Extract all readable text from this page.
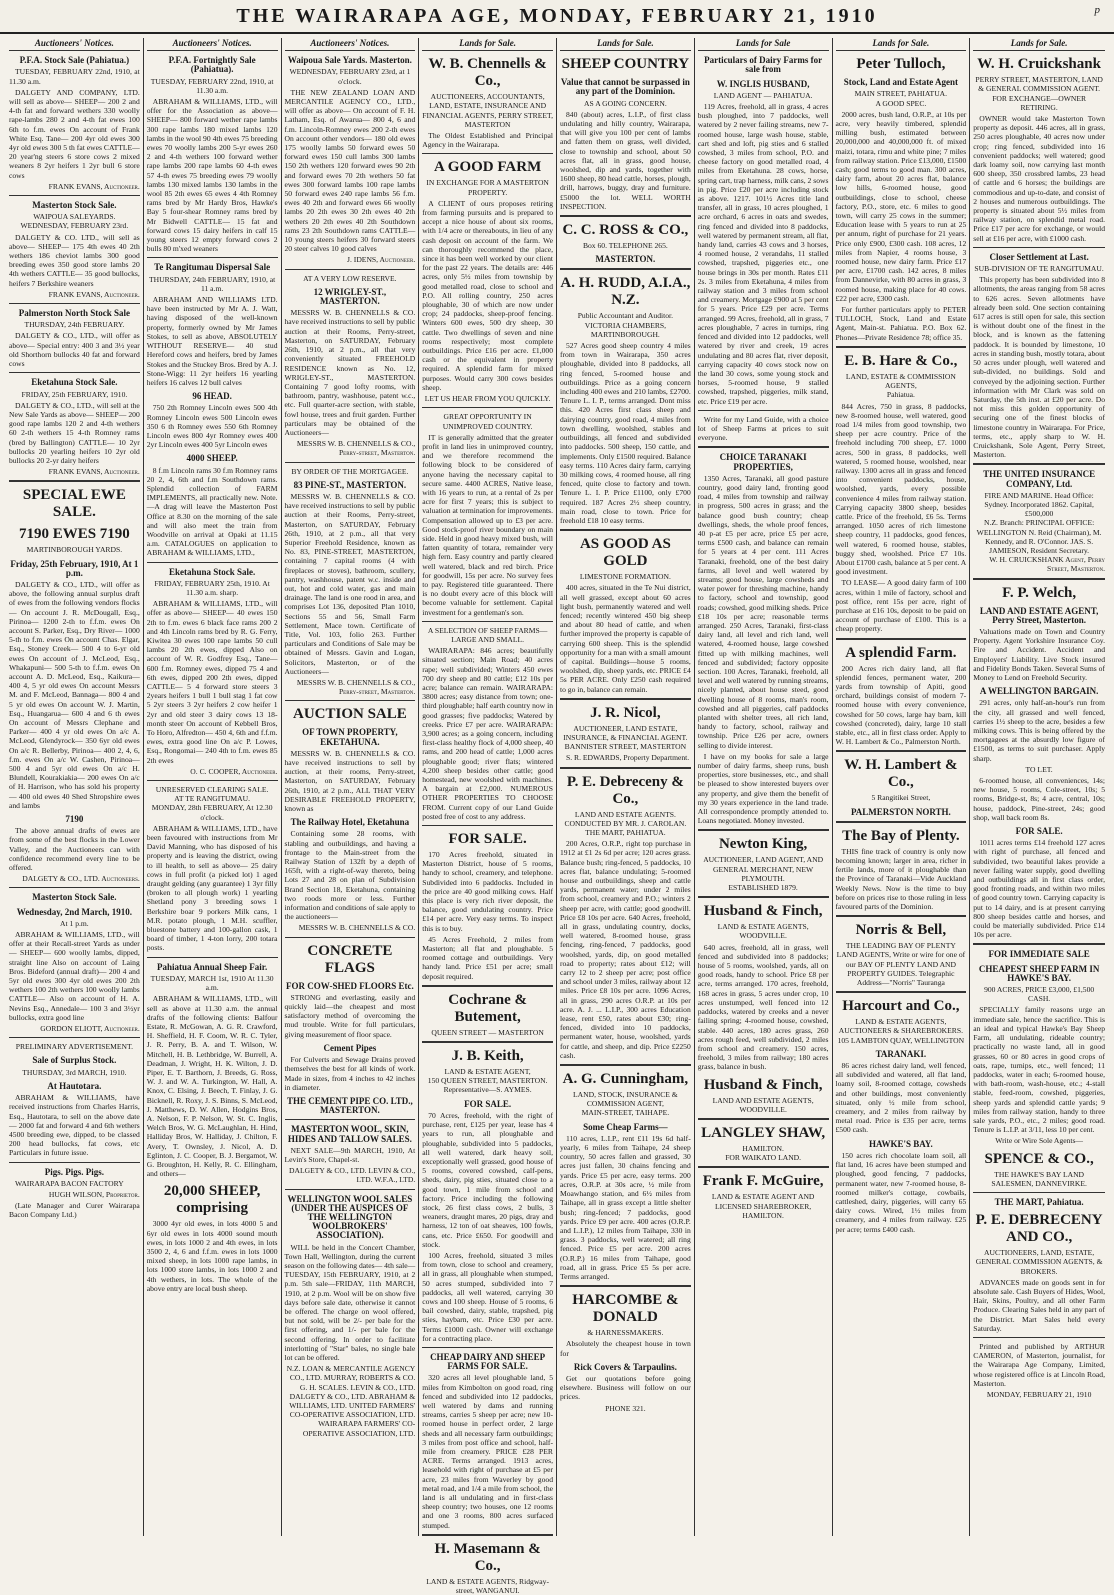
THE WAIRARAPA AGE, MONDAY, FEBRUARY 21, 1910	p
Auctioneers' Notices.
P.F.A. Stock Sale (Pahiatua.)
TUESDAY, FEBRUARY 22nd, 1910, at 11.30 a.m.
DALGETY AND COMPANY, LTD. will sell as above— SHEEP— 200 2 and 4-th fat and forward wethers 330 woolly rape-lambs 280 2 and 4-th fat ewes 100 6th to f.m. ewes On account of Frank White Esq. Tane— 200 4yr old ewes 300 4yr old ewes 300 5 th fat ewes CATTLE— 20 year'ng steers 6 store cows 2 mixed weaners 8 2yr heifers 1 2yr bull 6 store cows
FRANK EVANS, Auctioneer.
Masterton Stock Sale.
WAIPOUA SALEYARDS.
WEDNESDAY, FEBRUARY 23rd.
DALGETY & CO. LTD., will sell as above— SHEEP— 175 4th ewes 40 2th wethers 186 cheviot lambs 300 good breeding ewes 350 good store lambs 20 4th wethers CATTLE— 35 good bullocks, heifers 7 Berkshire weaners
FRANK EVANS, Auctioneer.
Palmerston North Stock Sale
THURSDAY, 24th FEBRUARY.
DALGETY & CO., LTD., will offer as above— Special entry: 400 3 and 3½ year old Shorthorn bullocks 40 fat and forward cows
Eketahuna Stock Sale.
FRIDAY, 25th FEBRUARY, 1910.
DALGETY & CO., LTD., will sell at the New Sale Yards as above— SHEEP— 200 good rape lambs 120 2 and 4-th wethers 60 2-th wethers 15 4-th Romney rams (bred by Ballington) CATTLE— 10 2yr bullocks 20 yearling heifers 10 2yr old bullocks 20 2-yr dairy heifers
FRANK EVANS, Auctioneer.
SPECIAL EWE SALE.
7190 EWES 7190
MARTINBOROUGH YARDS.
Friday, 25th February, 1910, At 1 p.m.
DALGETY & CO., LTD., will offer as above, the following annual surplus draft of ewes from the following vendors flocks— On account J. R. McDougall, Esq., Pirinoa— 1200 2-th to f.f.m. ewes On account S. Parker, Esq., Dry River— 1000 5-th to f.m. ewes On account Chas. Elgar, Esq., Stoney Creek— 500 4 to 6-yr old ewes On account of J. McLeod, Esq., Whakapuni— 500 5-th to f.f.m. ewes On account A. D. McLeod, Esq., Kaikura— 400 4, 5 yr old ewes On account Messrs M. and F. McLeod, Bannaga— 800 4 and 5 yr old ewes On account W. J. Martin, Esq., Huangarua— 600 4 and 6 th ewes On account of Messrs Clephane and Parker— 400 4 yr old ewes On a/c A. McLeod, Glendyrock— 350 6yr old ewes On a/c R. Bellerby, Pirinoa— 400 2, 4, 6, f.m. ewes On a/c W. Cashen, Pirinoa— 500 4 and 5yr old ewes On a/c H. Blundell, Kourakiakia— 200 ewes On a/c of H. Harrison, who has sold his property— 400 old ewes 40 Shed Shropshire ewes and lambs
7190
The above annual drafts of ewes are from some of the best flocks in the Lower Valley, and the Auctioneers can with confidence recommend every line to be offered.
DALGETY & CO., LTD. Auctioneers.
Masterton Stock Sale.
Wednesday, 2nd March, 1910.
At 1 p.m.
ABRAHAM & WILLIAMS, LTD., will offer at their Recall-street Yards as under— SHEEP— 600 woolly lambs, dipped, straight line Also on account of Laing Bros. Bideford (annual draft)— 200 4 and 5yr old ewes 300 4yr old ewes 200 2th wethers 100 2th wethers 100 woolly lambs CATTLE— Also on account of H. A. Nevins Esq., Annedale— 100 3 and 3½yr bullocks, extra good line
GORDON ELIOTT, Auctioneer.
PRELIMINARY ADVERTISEMENT.
Sale of Surplus Stock.
THURSDAY, 3rd MARCH, 1910.
At Hautotara.
ABRAHAM & WILLIAMS, have received instructions from Charles Harris, Esq., Hautotara, to sell on the above date— 2000 fat and forward 4 and 6th wethers 4500 breeding ewe, dipped, to be classed 200 head bullocks, fat cows, etc Particulars in future issue.
Pigs. Pigs. Pigs.
WAIRARAPA BACON FACTORY
HUGH WILSON, Proprietor.
(Late Manager and Curer Wairarapa Bacon Company Ltd.)
Auctioneers' Notices.
P.F.A. Fortnightly Sale (Pahiatua).
TUESDAY, FEBRUARY 22nd, 1910, at 11.30 a.m.
ABRAHAM & WILLIAMS, LTD., will offer for the Association as above— SHEEP— 800 forward wether rape lambs 300 rape lambs 180 mixed lambs 120 lambs in the wool 90 4th ewes 75 breeding ewes 70 woolly lambs 200 5-yr ewes 260 2 and 4-th wethers 100 forward wether rape lambs 200 rape lambs 60 4-th ewes 57 4-th ewes 75 breeding ewes 79 woolly lambs 130 mixed lambs 130 lambs in the wool 85 2th ewes 65 ewes 4 4th Romney rams bred by Mr Hardy Bros, Hawke's Bay 5 four-shear Romney rams bred by Mr Bidwell CATTLE— 15 fat and forward cows 15 dairy heifers in calf 15 young steers 12 empty forward cows 2 bulls 80 m'xed weaners
Te Rangitumau Dispersal Sale
THURSDAY, 24th FEBRUARY, 1910, at 11 a.m.
ABRAHAM AND WILLIAMS LTD. have been instructed by Mr A. J. Watt, having disposed of the well-known property, formerly owned by Mr James Stokes, to sell as above, ABSOLUTELY WITHOUT RESERVE— 40 stud Hereford cows and heifers, bred by James Stokes and the Stuckey Bros. Bred by A. J. Stone-Wigg: 11 2yr heifers 16 yearling heifers 16 calves 12 bull calves
96 HEAD.
750 2th Romney Lincoln ewes 500 4th Romney Lincoln ewes 500 Lincoln ewes 350 6 th Romney ewes 550 6th Romney Lincoln ewes 800 4yr Romney ewes 400 2yr Lincoln ewes 400 5yr Lincoln ewes
4000 SHEEP.
8 f.m Lincoln rams 30 f.m Romney rams 20 2, 4, 6th and f.m Southdown rams. Splendid collection of FARM IMPLEMENTS, all practically new. Note.—A drag will leave the Masterton Post Office at 8.30 on the morning of the sale and will also meet the train from Woodville on arrival at Opaki at 11.15 a.m. CATALOGUES on application to ABRAHAM & WILLIAMS, LTD.,
Eketahuna Stock Sale.
FRIDAY, FEBRUARY 25th, 1910. At 11.30 a.m. sharp.
ABRAHAM & WILLIAMS, LTD., will offer as above— SHEEP— 40 ewes 150 2th to f.m. ewes 6 black face rams 200 2 and 4th Lincoln rams bred by R. G. Ferry, Kiwitea 30 ewes 100 rape lambs 50 cull lambs 20 2th ewes, dipped Also on account of W. R. Godfrey Esq., Tane— 600 f.m. Romney ewes, dipped 75 4 and 6th ewes, dipped 200 2th ewes, dipped CATTLE— 5 4 forward store steers 3 2years heifers 1 bull 1 bull stag 1 fat cow 5 2yr steers 3 2yr heifers 2 cow heifer 1 2yr and old steer 3 dairy cows 13 18-month steer On account of Kebbell Bros, To Horo, Alfredton— 450 4, 6th and f.f.m. ewes, extra good line On a/c P. Lowes, Esq., Rongomai— 240 4th to f.m. ewes 85 2th ewes
O. C. COOPER, Auctioneer.
UNRESERVED CLEARING SALE.
AT TE RANGITUMAU.
MONDAY, 28th FEBRUARY, At 12.30 o'clock.
ABRAHAM & WILLIAMS, LTD., have been favoured with instructions from Mr David Manning, who has disposed of his property and is leaving the district, owing to ill health, to sell as above— 25 dairy cows in full profit (a picked lot) 1 aged draught gelding (any guarantee) 1 3yr filly (broken to all plough work) 1 yearling Shetland pony 3 breeding sows 1 Berkshire boar 9 porkers Milk cans, 1 M.R. potato plough, 1 M.H. scuffler, bluestone battery and 100-gallon cask, 1 board of timber, 1 4-ton lorry, 200 totara posts.
Pahiatua Annual Sheep Fair.
TUESDAY, MARCH 1st, 1910 At 11.30 a.m.
ABRAHAM & WILLIAMS, LTD., will sell as above at 11.30 a.m. the annual drafts of the following clients: Balfour Estate, R. McGowan, A. G. R. Crawford, H. Sheffield, H. F. Coom, W. R. C. Tyler, J. R. Perry, B. A. and T. Wilson, W. Mitchell, H. B. Lethbridge, W. Burrell, A. Deadman, J. Wright, H. K. Wilton, J. D. Piper, E. T. Barthorn, J. Breeds, G. Ross, W. J. and W. A. Turkington, W. Hall, A. Knox, C. Elsing, J. Beech, T. Finlay, J. G. Bicknell, R. Roxy, J. S. Binns, S. McLeod, J. Matthews, D. W. Allen, Hodgins Bros, A. Nelson, F. P. Nelson, W. St. C. Inglis, Welch Bros, W. G. McLaughlan, H. Hind, Halliday Bros, W. Halliday, J. Chilton, F. Avery, T. Ownsley, J. Nicol, A. D. Eglinton, J. C. Cooper, B. J. Bergamot, W. G. Broughton, H. Kelly, R. C. Ellingham, and others—
20,000 SHEEP, comprising
3000 4yr old ewes, in lots 4000 5 and 6yr old ewes in lots 4000 sound mouth ewes, in lots 1000 2 and 4th ewes, in lots 3500 2, 4, 6 and f.f.m. ewes in lots 1000 mixed sheep, in lots 1000 rape lambs, in lots 1000 store lambs, in lots 1000 2 and 4th wethers, in lots. The whole of the above entry are local bush sheep.
Auctioneers' Notices.
Waipoua Sale Yards. Masterton.
WEDNESDAY, FEBRUARY 23rd, at 1 o'clock.
THE NEW ZEALAND LOAN AND MERCANTILE AGENCY CO., LTD., will offer as above— On account of F. H. Latham, Esq. of Awarua— 800 4, 6 and f.m. Lincoln-Romney ewes 200 2-th ewes On account other vendors— 180 old ewes 175 woolly lambs 50 forward ewes 50 forward ewes 150 cull lambs 300 lambs 150 2th wethers 120 forward ewes 90 2th and forward ewes 70 2th wethers 50 fat ewes 300 forward lambs 100 rape lambs 50 forward ewes 240 rape lambs 56 f.m. ewes 40 2th and forward ewes 66 woolly lambs 20 2th ewes 30 2th ewes 40 2th wethers 20 2th ewes 40 2th Southdown rams 23 2th Southdown rams CATTLE— 10 young steers heifers 30 forward steers 20 steer calves 10 good calves
J. IDENS, Auctioneer.
AT A VERY LOW RESERVE.
12 WRIGLEY-ST., MASTERTON.
MESSRS W. B. CHENNELLS & CO. have received instructions to sell by public auction at their Rooms, Perry-street, Masterton, on SATURDAY, February 26th, 1910, at 2 p.m., all that very conveniently situated FREEHOLD RESIDENCE known as No. 12, WRIGLEY-ST., MASTERTON. Containing 7 good lofty rooms, with bathroom, pantry, washhouse, patent w.c., etc. Full quarter-acre section, with stable, fowl house, trees and fruit garden. Further particulars may be obtained of the Auctioneers—
MESSRS W. B. CHENNELLS & CO., Perry-street, Masterton.
BY ORDER OF THE MORTGAGEE.
83 PINE-ST., MASTERTON.
MESSRS W. B. CHENNELLS & CO. have received instructions to sell by public auction at their Rooms, Perry-street, Masterton, on SATURDAY, February 26th, 1910, at 2 p.m., all that very Superior Freehold Residence, known as No. 83, PINE-STREET, MASTERTON, containing 7 capital rooms (4 with fireplaces or stoves), bathroom, scullery, pantry, washhouse, patent w.c. inside and out, hot and cold water, gas and main drainage. The land is one rood in area, and comprises Lot 136, deposited Plan 1010, Sections 55 and 56, Small Farm Settlement, Mace town. Certificate of Title, Vol. 103, folio 263. Further particulars and Conditions of Sale may be obtained of Messrs. Gavin and Logan, Solicitors, Masterton, or of the Auctioneers—
MESSRS W. B. CHENNELLS & CO., Perry-street, Masterton.
AUCTION SALE
OF TOWN PROPERTY, EKETAHUNA.
MESSRS W. B. CHENNELLS & CO. have received instructions to sell by auction, at their rooms, Perry-street, Masterton, on SATURDAY, February 26th, 1910, at 2 p.m., ALL THAT VERY DESIRABLE FREEHOLD PROPERTY, known as
The Railway Hotel, Eketahuna
Containing some 28 rooms, with stabling and outbuildings, and having a frontage to the Main-street from the Railway Station of 132ft by a depth of 165ft, with a right-of-way thereto, being Lots 27 and 28 on plan of Subdivision Brand Section 18, Eketahuna, containing two roods more or less. Further information and conditions of sale apply to the auctioneers—
MESSRS W. B. CHENNELLS & CO.
CONCRETE FLAGS
FOR COW-SHED FLOORS Etc.
STRONG and everlasting, easily and quickly laid—the cheapest and most satisfactory method of overcoming the mud trouble. Write for full particulars, giving measurement of floor space.
Cement Pipes
For Culverts and Sewage Drains proved themselves the best for all kinds of work. Made in sizes, from 4 inches to 42 inches in diameter.
THE CEMENT PIPE CO. LTD., MASTERTON.
MASTERTON WOOL, SKIN, HIDES AND TALLOW SALES.
NEXT SALE—9th MARCH, 1910, At Levin's Store, Chapel-st.
DALGETY & CO., LTD. LEVIN & CO., LTD. W.F.A., LTD.
WELLINGTON WOOL SALES (UNDER THE AUSPICES OF THE WELLINGTON WOOLBROKERS' ASSOCIATION).
WILL be held in the Concert Chamber, Town Hall, Wellington, during the current season on the following dates— 4th sale—TUESDAY, 15th FEBRUARY, 1910, at 2 p.m. 5th sale—FRIDAY, 11th MARCH, 1910, at 2 p.m. Wool will be on show five days before sale date, otherwise it cannot be offered. The charge on wool offered, but not sold, will be 2/- per bale for the first offering, and 1/- per bale for the second offering. In order to facilitate interlotting of "Star" bales, no single bale lot can be offered.
N.Z. LOAN & MERCANTILE AGENCY CO., LTD. MURRAY, ROBERTS & CO. G. H. SCALES. LEVIN & CO., LTD. DALGETY & CO., LTD. ABRAHAM & WILLIAMS, LTD. UNITED FARMERS' CO-OPERATIVE ASSOCIATION, LTD. WAIRARAPA FARMERS' CO-OPERATIVE ASSOCIATION, LTD.
Lands for Sale.
W. B. Chennells & Co.,
AUCTIONEERS, ACCOUNTANTS, LAND, ESTATE, INSURANCE AND FINANCIAL AGENTS, PERRY STREET, MASTERTON
The Oldest Established and Principal Agency in the Wairarapa.
A GOOD FARM
IN EXCHANGE FOR A MASTERTON PROPERTY.
A CLIENT of ours proposes retiring from farming pursuits and is prepared to accept a nice house of about six rooms, with 1/4 acre or thereabouts, in lieu of any cash deposit on account of the farm. We can thoroughly recommend the place, since it has been well worked by our client for the past 22 years. The details are: 446 acres, only 5½ miles from township by good metalled road, close to school and P.O. All rolling country, 250 acres ploughable, 30 of which are now under crop; 24 paddocks, sheep-proof fencing. Winters 600 ewes, 500 dry sheep, 30 cattle. Two dwellings of seven and nine rooms respectively; most complete outbuildings. Price £16 per acre. £1,000 cash or the equivalent in property required. A splendid farm for mixed purposes. Would carry 300 cows besides sheep.
LET US HEAR FROM YOU QUICKLY.
GREAT OPPORTUNITY IN UNIMPROVED COUNTRY.
IT is generally admitted that the greater profit in land lies in unimproved country, and we therefore recommend the following block to be considered of anyone having the necessary capital to secure same. 4400 ACRES, Native lease, with 16 years to run, at a rental of 2s per acre for first 7 years; this is subject to valuation at termination for improvements. Compensation allowed up to £3 per acre. Good stock-proof river boundary on main side. Held in good heavy mixed bush, will fatten quantity of totara, remainder very high fern. Easy country and partly cleared well watered, black and red birch. Price for goodwill, 15s per acre. No survey fees to pay. Registered title guaranteed. There is no doubt every acre of this block will become valuable for settlement. Capital investment for a gentleman's son.
A SELECTION OF SHEEP FARMS— LARGE AND SMALL.
WAIRARAPA: 846 acres; beautifully situated section; Main Road; 40 acres rape; well subdivided; Winters 450 ewes 700 dry sheep and 80 cattle; £12 10s per acre; balance can remain. WAIRARAPA: 3800 acres; easy distance from town; one-third ploughable; half earth country now in good grasses; five paddocks; Watered by creeks. Price £7 per acre. WAIRARAPA: 3,900 acres; as a going concern, including first-class healthy flock of 4,000 sheep, 40 rams, and 200 head of cattle; 1,000 acres ploughable good; river flats; wintered 4,200 sheep besides other cattle; good homestead, new woolshed with machines. A bargain at £2,000. NUMEROUS OTHER PROPERTIES TO CHOOSE FROM. Current copy of our Land Guide posted free of cost to any address.
FOR SALE.
170 Acres freehold, situated in Masterton District, house of 5 rooms, handy to school, creamery, and telephone. Subdivided into 6 paddocks. Included in the price are 40 good milking cows. Half this place is very rich river deposit, the balance, good undulating country. Price £14 per acre. Very easy terms. To inspect this is to buy.
45 Acres Freehold, 2 miles from Masterton; all flat and ploughable. 5 roomed cottage and outbuildings. Very handy land. Price £51 per acre; small deposit required.
Cochrane & Butement,
QUEEN STREET — MASTERTON
J. B. Keith,
LAND & ESTATE AGENT,
150 QUEEN STREET, MASTERTON.
Representative—S. AYMES.
FOR SALE.
70 Acres, freehold, with the right of purchase, rent, £125 per year, lease has 4 years to run, all ploughable and ploughable, subdivided into 5 paddocks, all well watered, dark heavy soil, exceptionally well grassed, good house of 5 rooms, covered cowshed, calf-pens, sheds, dairy, pig sties, situated close to a good town, 1 mile from school and factory. Price including the following stock, 26 first class cows, 2 bulls, 3 weaners, draught mares, 20 pigs, dray and harness, 12 ton of oat sheaves, 100 fowls, cans, etc. Price £650. For goodwill and stock.
100 Acres, freehold, situated 3 miles from town, close to school and creamery, all in grass, all ploughable when stumped, 50 acres stumped, subdivided into 7 paddocks, all well watered, carrying 30 cows and 100 sheep. House of 5 rooms, 6 bail cowshed, dairy, stable, trapshed, pig sties, haybarn, etc. Price £30 per acre. Terms £1000 cash. Owner will exchange for a contracting place.
CHEAP DAIRY AND SHEEP FARMS FOR SALE.
320 acres all level ploughable land, 5 miles from Kimbolton on good road, ring fenced and subdivided into 12 paddocks, well watered by dams and running streams, carries 5 sheep per acre; new 10-roomed house in perfect order, 2 large sheds and all necessary farm outbuildings; 3 miles from post office and school, half-mile from creamery. PRICE £28 PER ACRE. Terms arranged. 1913 acres, leasehold with right of purchase at £5 per acre, 23 miles from Waverley by good metal road, and 1/4 a mile from school, the land is all undulating and in first-class sheep country; two houses, one 12 rooms and one 3 rooms, 800 acres surfaced stumped.
H. Masemann & Co.,
LAND & ESTATE AGENTS, Ridgway-street, WANGANUI.
Lands for Sale.
SHEEP COUNTRY
Value that cannot be surpassed in any part of the Dominion.
AS A GOING CONCERN.
840 (about) acres, L.I.P., of first class undulating and hilly country, Wairarapa, that will give you 100 per cent of lambs and fatten them on grass, well divided, close to township and school, about 50 acres flat, all in grass, good house, woolshed, dip and yards, together with 1600 sheep, 80 head cattle, horses, plough, drill, harrows, buggy, dray and furniture. £5000 the lot. WELL WORTH INSPECTION.
C. C. ROSS & CO.,
Box 60. TELEPHONE 265.
MASTERTON.
A. H. RUDD, A.I.A., N.Z.
Public Accountant and Auditor. VICTORIA CHAMBERS, MARTINBOROUGH.
527 Acres good sheep country 4 miles from town in Wairarapa, 350 acres ploughable, divided into 8 paddocks, all ring fenced, 5-roomed house and outbuildings. Price as a going concern including 400 ewes and 210 lambs, £2700. Tenure L. I. P., terms arranged. Dont miss this. 420 Acres first class sheep and dairying country, good road, 4 miles from town dwelling, woolshed, stables and outbuildings, all fenced and subdivided into paddocks. 500 sheep, 150 cattle, and implements. Only £1500 required. Balance easy terms. 110 Acres dairy farm, carrying 30 milking cows, 4 roomed house, all ring fenced, quite close to factory and town. Tenure L. I. P. Price £1100, only £700 required. 187 Acres 2½ sheep country, main road, close to town. Price for freehold £18 10 easy terms.
AS GOOD AS GOLD
LIMESTONE FORMATION.
400 acres, situated in the Te Nui district, all well grassed, except about 60 acres light bush, permanently watered and well fenced; recently wintered 450 big sheep and about 80 head of cattle, and when further improved the property is capable of carrying 600 sheep. This is the splendid opportunity for a man with a small amount of capital. Buildings—house 5 rooms, woolshed, dip, sheep yards, etc. PRICE £4 5s PER ACRE. Only £250 cash required to go in, balance can remain.
J. R. Nicol,
AUCTIONEER, LAND ESTATE, INSURANCE, & FINANCIAL AGENT.
BANNISTER STREET, MASTERTON
S. R. EDWARDS, Property Department.
P. E. Debreceny & Co.,
LAND AND ESTATE AGENTS. CONDUCTED BY MR. J. CAROLAN. THE MART, PAHIATUA.
200 Acres, O.R.P., right top purchase in 1912 at £1 2s 6d per acre; 120 acres grass. Balance bush; ring-fenced, 5 paddocks, 10 acres flat, balance undulating; 5-roomed house and outbuildings, sheep and cattle yards, permanent water; under 2 miles from school, creamery and P.O.; winters 2 sheep per acre, with cattle; good goodwill. Price £8 10s per acre. 640 Acres, freehold, all in grass, undulating country, docks, well watered, 8-roomed house, grass fencing, ring-fenced, 7 paddocks, good woolshed, yards, dip, on good metalled road to property; rates about £12; will carry 12 to 2 sheep per acre; post office and school under 3 miles, railway about 12 miles. Price £8 10s per acre. 1096 Acres, all in grass, 290 acres O.R.P. at 10s per acre. A. J. ... L.I.P., 300 acres Education lease, rent £50, rates about £30; ring-fenced, divided into 10 paddocks, permanent water, house, woolshed, yards for cattle, and sheep, and dip. Price £2250 cash.
A. G. Cunningham,
LAND, STOCK, INSURANCE & COMMISSION AGENT,
MAIN-STREET, TAIHAPE.
Some Cheap Farms—
110 acres, L.I.P., rent £11 19s 6d half-yearly, 6 miles from Taihape, 24 sheep country, 50 acres fallen and grassed, 30 acres just fallen, 30 chains fencing and yards. Price £5 per acre, easy terms. 200 acres, O.R.P. at 30s acre, ½ mile from Moawhango station, and 6½ miles from Taihape, all in grass except a little shelter bush; ring-fenced; 7 paddocks, good yards. Price £9 per acre. 400 acres (O.R.P. and L.I.P.), 12 miles from Taihape, 330 in grass. 3 paddocks, well watered; all ring fenced. Price £5 per acre. 200 acres (O.R.P.) 16 miles from Taihape, good road, all in grass. Price £5 5s per acre. Terms arranged.
HARCOMBE & DONALD
& HARNESSMAKERS.
Absolutely the cheapest house in town for
Rick Covers & Tarpaulins.
Get our quotations before going elsewhere. Business will follow on our prices.
PHONE 321.
Lands for Sale
Particulars of Dairy Farms for sale from
W. INGLIS HUSBAND,
LAND AGENT — PAHIATUA.
119 Acres, freehold, all in grass, 4 acres bush ploughed, into 7 paddocks, well watered by 2 never failing streams, new 7-roomed house, large wash house, stable, cart shed and loft, pig sties and 6 stalled cowshed, 3 miles from school, P.O. and cheese factory on good metalled road, 4 miles from Eketahuna. 28 cows, horse, spring cart, trap harness, milk cans, 2 sows in pig. Price £20 per acre including stock as above. 1217. 101½ Acres title land transfer, all in grass, 10 acres ploughed, 1 acre orchard, 6 acres in oats and swedes, ring fenced and divided into 8 paddocks, well watered by permanent stream, all flat, handy land, carries 43 cows and 3 horses, 4 roomed house, 2 verandahs, 11 stalled cowshed, trapshed, piggeries etc., one house brings in 30s per month. Rates £11 2s. 3 miles from Eketahuna, 4 miles from railway station and 3 miles from school and creamery. Mortgage £900 at 5 per cent for 5 years. Price £29 per acre. Terms arranged. 99 Acres, freehold, all in grass, 7 acres ploughable, 7 acres in turnips, ring fenced and divided into 12 paddocks, well watered by river and creek, 19 acres undulating and 80 acres flat, river deposit, carrying capacity 40 cows stock now on the land 30 cows, some young stock and horses, 5-roomed house, 9 stalled cowshed, trapshed, piggeries, milk stand, etc. Price £19 per acre.
Write for my Land Guide, with a choice lot of Sheep Farms at prices to suit everyone.
CHOICE TARANAKI PROPERTIES,
1350 Acres, Taranaki, all good pasture country, good dairy land, fronting good road, 4 miles from township and railway in progress, 500 acres in grass; and the balance good bush country; cheap dwellings, sheds, the whole proof fences, 40 p-at £5 per acre, price £5 per acre, terms £500 cash, and balance can remain for 5 years at 4 per cent. 111 Acres Taranaki, freehold, one of the best dairy farms, all level and well watered by streams; good house, large cowsheds and water power for threshing machine, handy to factory, school and township, good roads; cowshed, good milking sheds. Price £18 10s per acre; reasonable terms arranged. 250 Acres, Taranaki, first-class dairy land, all level and rich land, well watered, 4-roomed house, large cowshed fitted up with milking machines, well fenced and subdivided; factory opposite section. 100 Acres, Taranaki, freehold, all level and well watered by running streams, nicely planted, about house steed, good dwelling house of 8 rooms, man's room, cowshed and all piggeries, calf paddocks planted with shelter trees, all rich land, handy to factory, school, railway and township. Price £26 per acre, owners selling to divide interest.
I have on my books for sale a large number of dairy farms, sheep runs, bush properties, store businesses, etc., and shall be pleased to show interested buyers over any property, and give them the benefit of my 30 years experience in the land trade. All correspondence promptly attended to. Loans negotiated. Money invested.
Newton King,
AUCTIONEER, LAND AGENT, AND GENERAL MERCHANT, NEW PLYMOUTH.
ESTABLISHED 1879.
Husband & Finch,
LAND & ESTATE AGENTS, WOODVILLE.
640 acres, freehold, all in grass, well fenced and subdivided into 8 paddocks; house of 5 rooms, woolshed, yards, all on good roads, handy to school. Price £8 per acre, terms arranged. 170 acres, freehold, 168 acres in grass, 5 acres under crop, 10 acres unstumped, well fenced into 12 paddocks, watered by creeks and a never failing spring; 4-roomed house, cowshed, stable. 440 acres, 180 acres grass, 260 acres rough feed, well subdivided, 2 miles from school and creamery. 150 acres, freehold, 3 miles from railway; 180 acres grass, balance in bush.
Husband & Finch,
LAND AND ESTATE AGENTS, WOODVILLE.
LANGLEY SHAW,
HAMILTON.
FOR WAIKATO LAND.
Frank F. McGuire,
LAND & ESTATE AGENT AND LICENSED SHAREBROKER, HAMILTON.
Lands for Sale.
Peter Tulloch,
Stock, Land and Estate Agent
MAIN STREET, PAHIATUA.
A GOOD SPEC.
2000 acres, bush land, O.R.P., at 10s per acre, very heavily timbered, splendid milling bush, estimated between 20,000,000 and 40,000,000 ft. of mixed maizi, totara, rimu and white pine; 7 miles from railway station. Price £13,000, £1500 cash; good terms to good man. 300 acres, dairy farm, about 20 acres flat, balance low hills, 6-roomed house, good outbuildings, close to school, cheese factory, P.O., store, etc. 6 miles to good town, will carry 25 cows in the summer; Education lease with 5 years to run at 25 per annum, right of purchase for 21 years. Price only £900, £300 cash. 108 acres, 12 miles from Napier, 4 rooms house, 3 roomed house, new dairy farm. Price £17 per acre, £1700 cash. 142 acres, 8 miles from Dannevirke, with 80 acres in grass, 3 roomed house, making place for 40 cows. £22 per acre, £300 cash.
For further particulars apply to PETER TULLOCH, Stock, Land and Estate Agent, Main-st. Pahiatua. P.O. Box 62. Phones—Private Residence 78; office 35.
E. B. Hare & Co.,
LAND, ESTATE & COMMISSION AGENTS,
Pahiatua.
844 Acres, 750 in grass, 8 paddocks, new 8-roomed house, well watered, good road 1/4 miles from good township, two sheep per acre country. Price of the freehold including 700 sheep, £7. 1000 acres, 500 in grass, 8 paddocks, well watered, 5 roomed house, woolshed, near railway. 1300 acres all in grass and fenced into convenient paddocks, house, woolshed, yards, every possible convenience 4 miles from railway station. Carrying capacity 3800 sheep, besides cattle. Price of the freehold, £6 5s. Terms arranged. 1050 acres of rich limestone sheep country, 11 paddocks, good fences, well watered, 6 roomed house, stables, buggy shed, woolshed. Price £7 10s. About £1700 cash, balance at 5 per cent. A good investment.
TO LEASE— A good dairy farm of 100 acres, within 1 mile of factory, school and post office, rent 15s per acre, right of purchase at £16 10s, deposit to be paid on account of purchase of £100. This is a cheap property.
A splendid Farm.
200 Acres rich dairy land, all flat splendid fences, permanent water, 200 yards from township of Apiti, good orchard, buildings consist of modern 7-roomed house with every convenience, cowshed for 50 cows, large hay barn, kill cowshed (concreted), dairy, large 10 stall stable, etc., all in first class order. Apply to W. H. Lambert & Co., Palmerston North.
W. H. Lambert & Co.,
5 Rangitikei Street,
PALMERSTON NORTH.
The Bay of Plenty.
THIS fine track of country is only now becoming known; larger in area, richer in fertile lands, more of it ploughable than the Province of Taranaki—Vide Auckland Weekly News. Now is the time to buy before on prices rise to those ruling in less favoured parts of the Dominion.
Norris & Bell,
THE LEADING BAY OF PLENTY LAND AGENTS, Write or wire for one of our BAY OF PLENTY LAND AND PROPERTY GUIDES. Telegraphic Address—"Norris" Tauranga
Harcourt and Co.,
LAND & ESTATE AGENTS, AUCTIONEERS & SHAREBROKERS. 105 LAMBTON QUAY, WELLINGTON
TARANAKI.
86 acres richest dairy land, well fenced, all subdivided and watered, all flat land, loamy soil, 8-roomed cottage, cowsheds and other buildings, most conveniently situated, only ½ mile from school, creamery, and 2 miles from railway by metal road. Price is £35 per acre, terms £500 cash.
HAWKE'S BAY.
150 acres rich chocolate loam soil, all flat land, 16 acres have been stumped and ploughed, good fencing, 7 paddocks, permanent water, new 7-roomed house, 8-roomed milker's cottage, cowbails, cattleshed, dairy, piggeries, will carry 65 dairy cows. Wired, 1½ miles from creamery, and 4 miles from railway. £25 per acre; terms £400 cash.
Lands for Sale.
W. H. Cruickshank
PERRY STREET, MASTERTON, LAND & GENERAL COMMISSION AGENT.
FOR EXCHANGE—OWNER RETIRING.
OWNER would take Masterton Town property as deposit. 446 acres, all in grass, 250 acres ploughable, 40 acres now under crop; ring fenced, subdivided into 16 convenient paddocks; well watered; good dark loamy soil, now carrying last month 600 sheep, 350 crossbred lambs, 23 head of cattle and 6 horses; the buildings are commodious and up-to-date, and consist of 2 houses and numerous outbuildings. The property is situated about 5½ miles from railway station, on splendid metal road. Price £17 per acre for exchange, or would sell at £16 per acre, with £1000 cash.
Closer Settlement at Last.
SUB-DIVISION OF TE RANGITUMAU.
This property has been subdivided into 8 allotments, the areas ranging from 58 acres to 626 acres. Seven allotments have already been sold. One section containing 617 acres is still open for sale, this section is without doubt one of the finest in the block, and is known as the fattening paddock. It is bounded by limestone, 10 acres in standing bush, mostly totara, about 50 acres under plough, well watered and sub-divided, no buildings. Sold and conveyed by the adjoining section. Further information with Mr Clark was sold on Saturday, the 5th inst. at £20 per acre. Do not miss this golden opportunity of securing one of the finest blocks of limestone country in Wairarapa. For Price, terms, etc., apply sharp to W. H. Cruickshank, Sole Agent, Perry Street, Masterton.
THE UNITED INSURANCE COMPANY, Ltd.
FIRE AND MARINE. Head Office: Sydney. Incorporated 1862. Capital, £500,000
N.Z. Branch: PRINCIPAL OFFICE: WELLINGTON N. Reid (Chairman), M. Kennedy, and R. O'Connor. JAS. S. JAMIESON, Resident Secretary.
W. H. CRUICKSHANK Agent, Perry Street, Masterton.
F. P. Welch,
LAND AND ESTATE AGENT, Perry Street, Masterton.
Valuations made on Town and Country Property. Agent Yorkshire Insurance Coy. Fire and Accident. Accident and Employers' Liability. Live Stock insured and Fidelity Bonds Taken. Several Sums of Money to Lend on Freehold Security.
A WELLINGTON BARGAIN.
291 acres, only half-an-hour's run from the city, all grassed and well fenced, carries 1½ sheep to the acre, besides a few milking cows. This is being offered by the mortgagees at the absurdly low figure of £1500, as terms to suit purchaser. Apply sharp.
TO LET.
6-roomed house, all conveniences, 14s; new house, 5 rooms, Cole-street, 10s; 5 rooms, Bridge-st, 8s; 4 acre, central, 10s; house, paddock, Pine-street, 24s; good shop, wall back room 8s.
FOR SALE.
1011 acres terms £14 freehold 127 acres with right of purchase, all fenced and subdivided, two beautiful lakes provide a never failing water supply, good dwelling and outbuildings all in first class order, good fronting roads, and within two miles of good country town. Carrying capacity is put to 14 dairy, and is at present carrying 800 sheep besides cattle and horses, and could be materially subdivided. Price £14 10s per acre.
FOR IMMEDIATE SALE
CHEAPEST SHEEP FARM IN HAWKE'S BAY.
900 ACRES, PRICE £3,000, £1,500 CASH.
SPECIALLY family reasons urge an immediate sale, hence the sacrifice. This is an ideal and typical Hawke's Bay Sheep Farm, all undulating, rideable country; practically no waste land, all in good grasses, 60 or 80 acres in good crops of oats, rape, turnips, etc., well fenced; 11 paddocks, water in each; 6-roomed house, with bath-room, wash-house, etc.; 4-stall stable, feed-room, cowshed, piggeries, sheep yards and splendid cattle yards; 9 miles from railway station, handy to three sale yards, P.O., etc., 2 miles; good road. Tenure is L.I.P. at 3/11, less 10 per cent.
Write or Wire Sole Agents—
SPENCE & CO.,
THE HAWKE'S BAY LAND SALESMEN, DANNEVIRKE.
THE MART, Pahiatua.
P. E. DEBRECENY AND CO.,
AUCTIONEERS, LAND, ESTATE, GENERAL COMMISSION AGENTS, & BROKERS.
ADVANCES made on goods sent in for absolute sale. Cash Buyers of Hides, Wool, Hair, Skins, Poultry, and all other Farm Produce. Clearing Sales held in any part of the District. Mart Sales held every Saturday.
Printed and published by ARTHUR CAMERON, of Masterton, journalist, for the Wairarapa Age Company, Limited, whose registered office is at Lincoln Road, Masterton.
MONDAY, FEBRUARY 21, 1910
